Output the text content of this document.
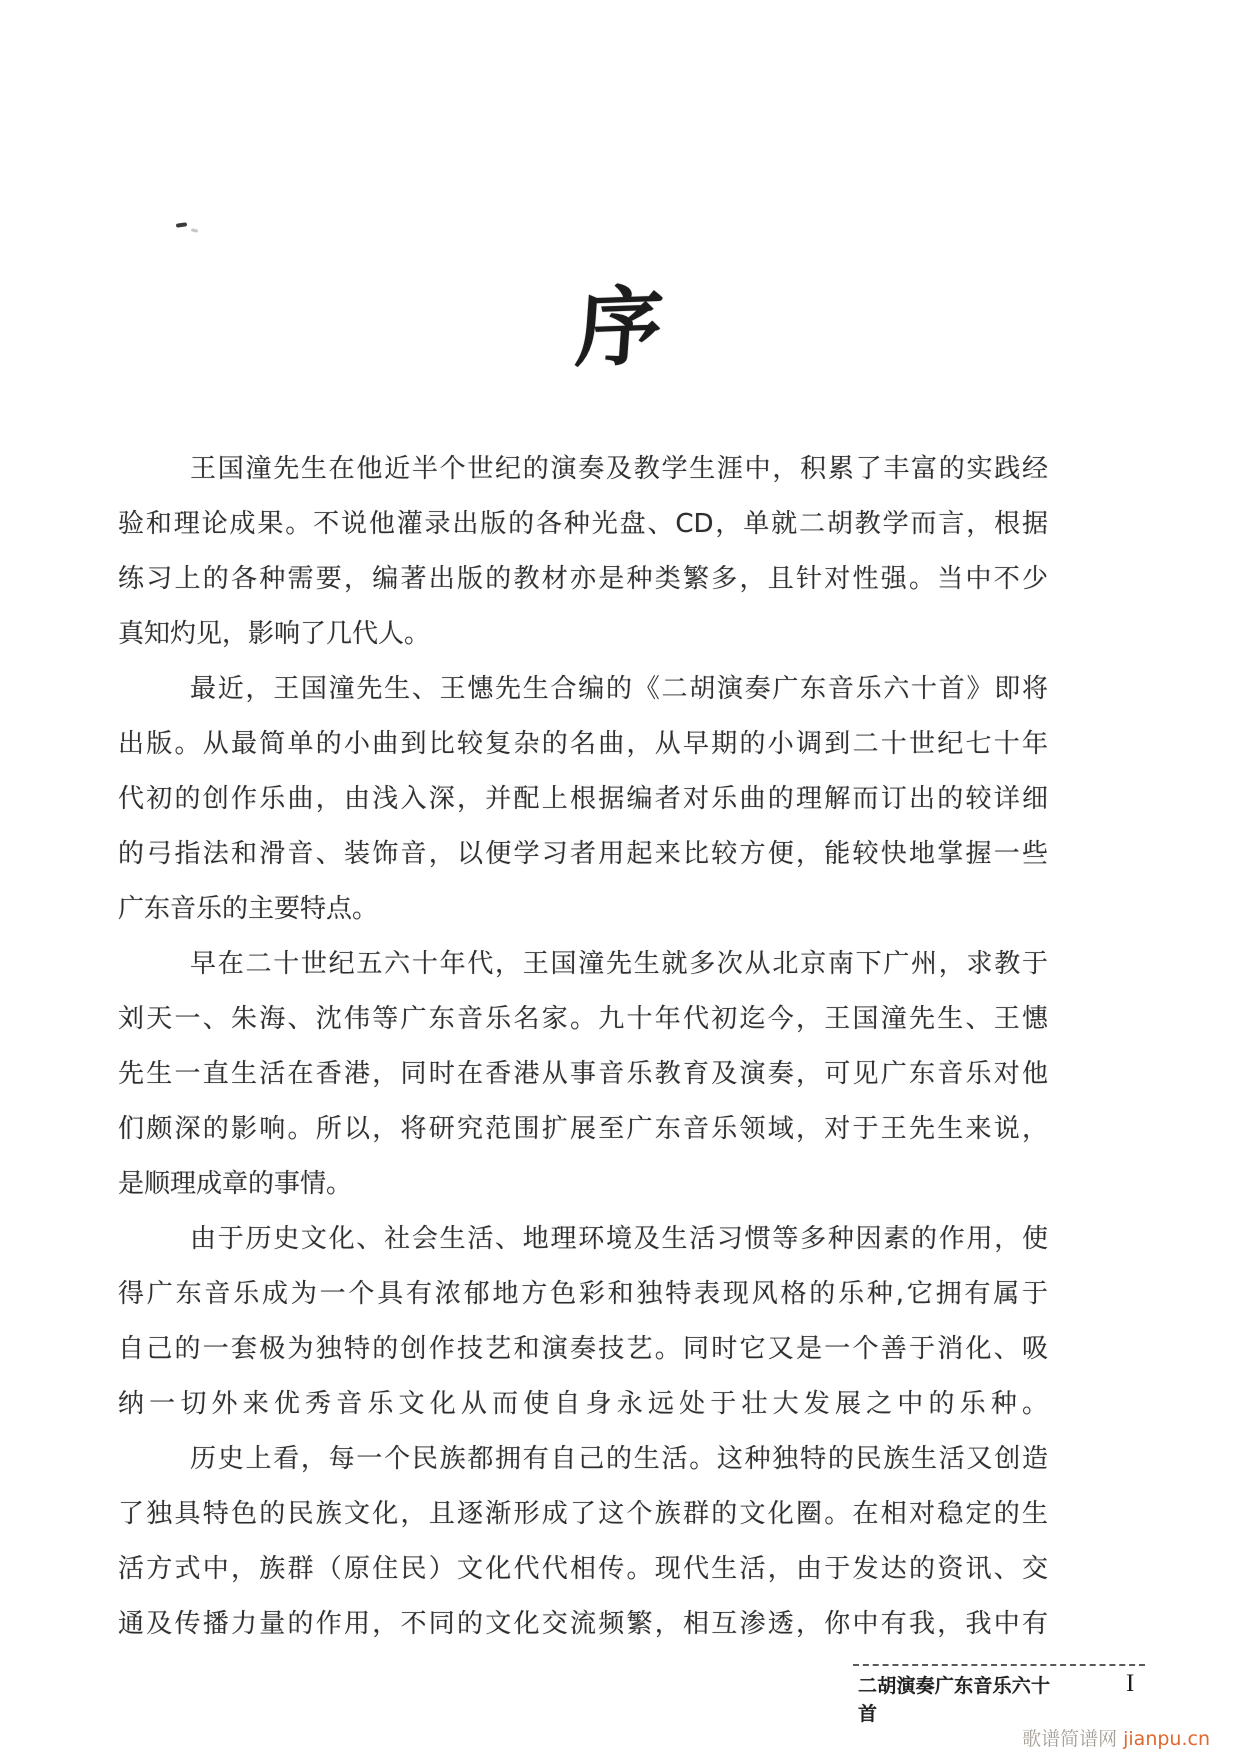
序
王国潼先生在他近半个世纪的演奏及教学生涯中，积累了丰富的实践经
验和理论成果。不说他灌录出版的各种光盘、CD，单就二胡教学而言，根据
练习上的各种需要，编著出版的教材亦是种类繁多，且针对性强。当中不少
真知灼见，影响了几代人。
最近，王国潼先生、王憓先生合编的《二胡演奏广东音乐六十首》即将
出版。从最简单的小曲到比较复杂的名曲，从早期的小调到二十世纪七十年
代初的创作乐曲，由浅入深，并配上根据编者对乐曲的理解而订出的较详细
的弓指法和滑音、装饰音，以便学习者用起来比较方便，能较快地掌握一些
广东音乐的主要特点。
早在二十世纪五六十年代，王国潼先生就多次从北京南下广州，求教于
刘天一、朱海、沈伟等广东音乐名家。九十年代初迄今，王国潼先生、王憓
先生一直生活在香港，同时在香港从事音乐教育及演奏，可见广东音乐对他
们颇深的影响。所以，将研究范围扩展至广东音乐领域，对于王先生来说，
是顺理成章的事情。
由于历史文化、社会生活、地理环境及生活习惯等多种因素的作用，使
得广东音乐成为一个具有浓郁地方色彩和独特表现风格的乐种,它拥有属于
自己的一套极为独特的创作技艺和演奏技艺。同时它又是一个善于消化、吸
纳一切外来优秀音乐文化从而使自身永远处于壮大发展之中的乐种。
历史上看，每一个民族都拥有自己的生活。这种独特的民族生活又创造
了独具特色的民族文化，且逐渐形成了这个族群的文化圈。在相对稳定的生
活方式中，族群（原住民）文化代代相传。现代生活，由于发达的资讯、交
通及传播力量的作用，不同的文化交流频繁，相互渗透，你中有我，我中有
二胡演奏广东音乐六十首
I
歌谱简谱网 jianpu.cn
